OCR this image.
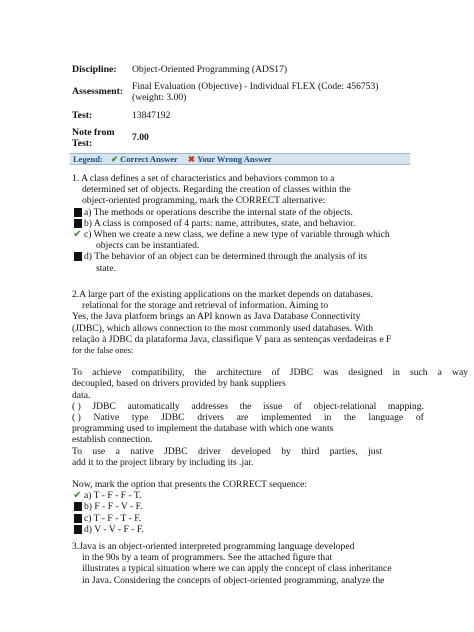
Discipline:	Object-Oriented Programming (ADS17)
Assessment: Final Evaluation (Objective) - Individual FLEX (Code: 456753)
(weight: 3.00)
Test:	13847192
Note from
Test:
7.00
Legend: ✔ Correct Answer ✖ Your Wrong Answer

1. A class defines a set of characteristics and behaviors common to a

determined set of objects. Regarding the creation of classes within the

object-oriented programming, mark the CORRECT alternative:

a) The methods or operations describe the internal state of the objects.
b) A class is composed of 4 parts: name, attributes, state, and behavior.
✔ c) When we create a new class, we define a new type of variable through which

objects can be instantiated.

d) The behavior of an object can be determined through the analysis of its

state.

2.A large part of the existing applications on the market depends on databases.

relational for the storage and retrieval of information. Aiming to

Yes, the Java platform brings an API known as Java Database Connectivity

(JDBC), which allows connection to the most commonly used databases. With

relação à JDBC da plataforma Java, classifique V para as sentenças verdadeiras e F

for the false ones:

To achieve compatibility, the architecture of JDBC was designed in such a way

decoupled, based on drivers provided by bank suppliers

data.

( ) JDBC automatically addresses the issue of object-relational mapping.
( ) Native type JDBC drivers are implemented in the language of

programming used to implement the database with which one wants

establish connection.

To use a native JDBC driver developed by third parties, just

add it to the project library by including its .jar.

Now, mark the option that presents the CORRECT sequence:

✔ a) T - F - F - T.
b) F - F - V - F.
c) T - F - T - F.
d) V - V - F - F.

3.Java is an object-oriented interpreted programming language developed

in the 90s by a team of programmers. See the attached figure that

illustrates a typical situation where we can apply the concept of class inheritance

in Java. Considering the concepts of object-oriented programming, analyze the
